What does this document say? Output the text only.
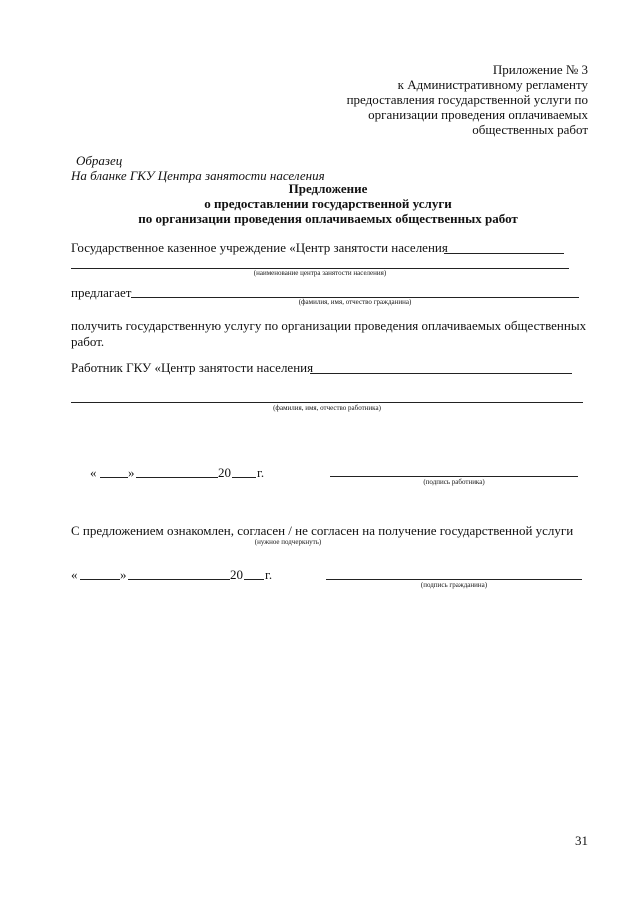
Приложение № 3
к Административному регламенту
предоставления государственной услуги по
организации проведения оплачиваемых
общественных работ
Образец
На бланке ГКУ Центра занятости населения
Предложение
о предоставлении государственной услуги
по организации проведения оплачиваемых общественных работ
Государственное казенное учреждение «Центр занятости населения
(наименование центра занятости населения)
предлагает
(фамилия, имя, отчество гражданина)
получить государственную услугу по организации проведения оплачиваемых общественных
работ.
Работник ГКУ «Центр занятости населения
(фамилия, имя, отчество работника)
« »	20 г.
(подпись работника)
С предложением ознакомлен, согласен / не согласен на получение государственной услуги
(нужное подчеркнуть)
«	»	20 г.
(подпись гражданина)
31
